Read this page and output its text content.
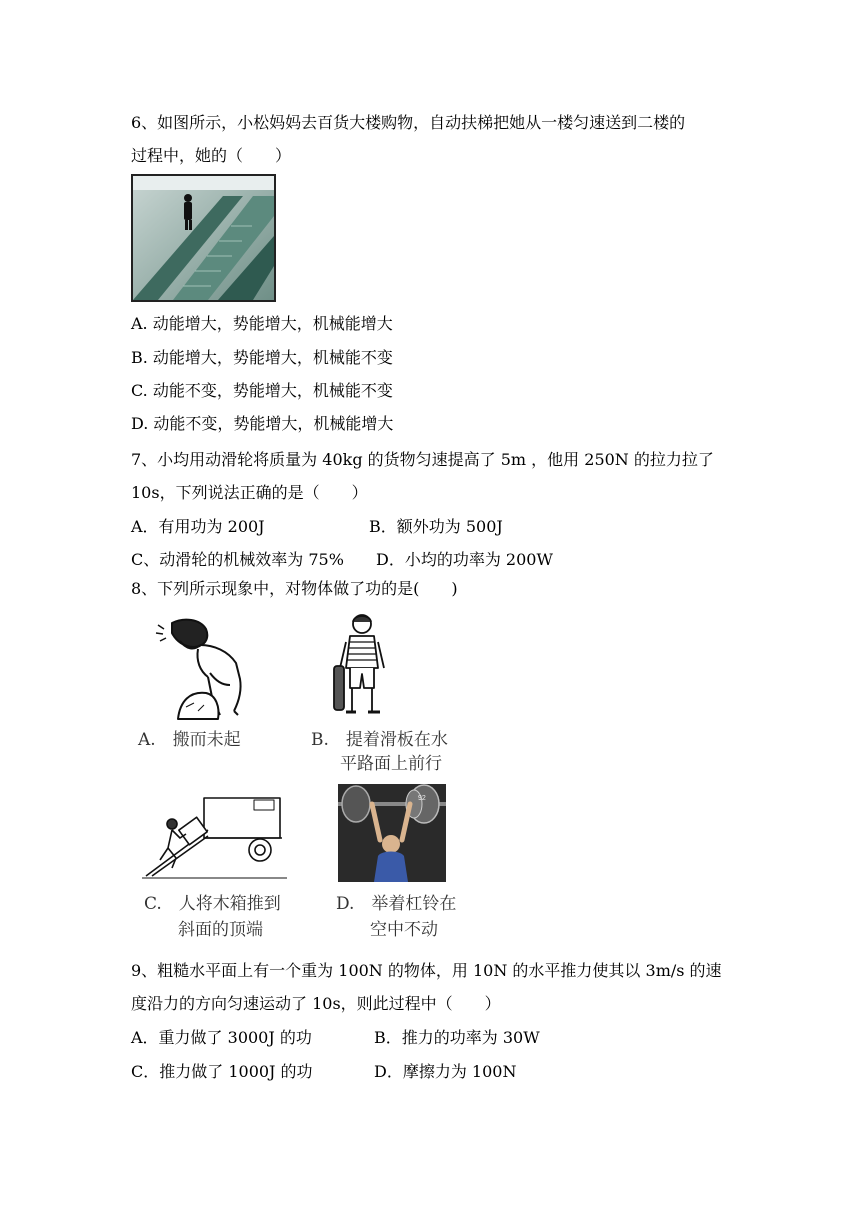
6、如图所示，小松妈妈去百货大楼购物，自动扶梯把她从一楼匀速送到二楼的
过程中，她的（　　）
A. 动能增大，势能增大，机械能增大
B. 动能增大，势能增大，机械能不变
C. 动能不变，势能增大，机械能不变
D. 动能不变，势能增大，机械能增大
7、小均用动滑轮将质量为 40kg 的货物匀速提高了 5m ，他用 250N 的拉力拉了
10s，下列说法正确的是（　　）
A．有用功为 200J	B．额外功为 500J
C、动滑轮的机械效率为 75% D．小均的功率为 200W
8、下列所示现象中，对物体做了功的是(　　)
A.　搬而未起	B.　提着滑板在水
平路面上前行
C.　人将木箱推到
斜面的顶端
92
D.　举着杠铃在
空中不动
9、粗糙水平面上有一个重为 100N 的物体，用 10N 的水平推力使其以 3m/s 的速
度沿力的方向匀速运动了 10s，则此过程中（　　）
A．重力做了 3000J 的功	B．推力的功率为 30W
C．推力做了 1000J 的功	D．摩擦力为 100N
